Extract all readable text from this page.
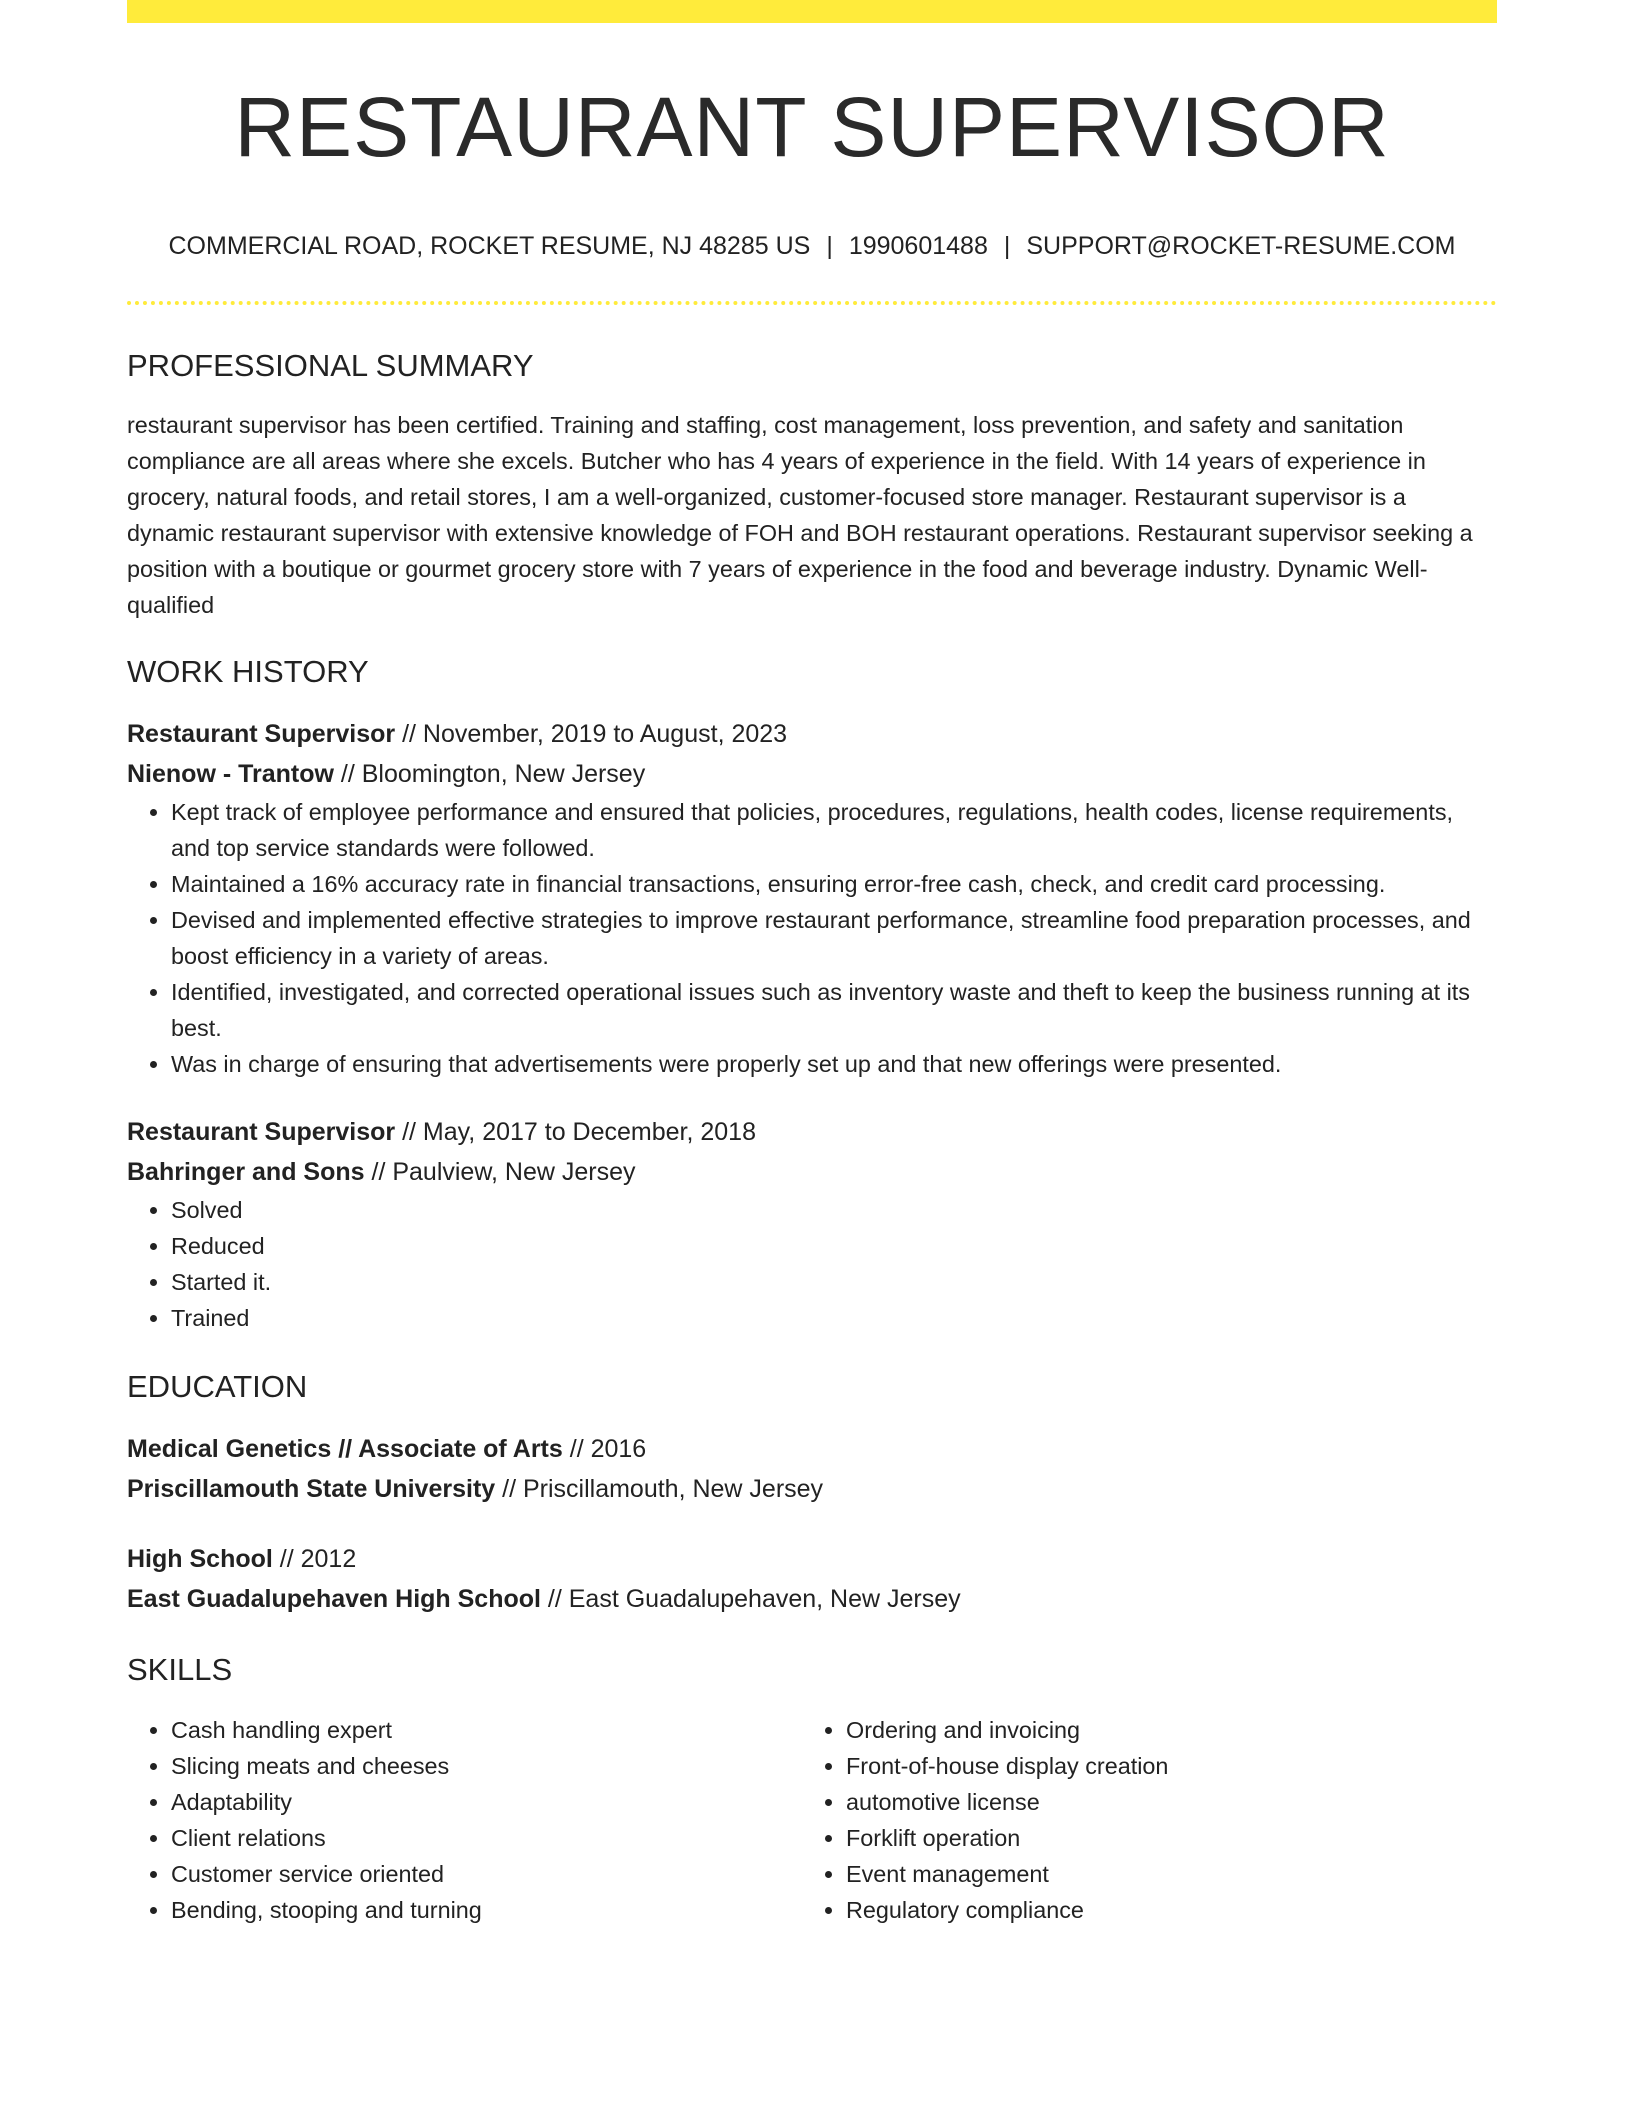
RESTAURANT SUPERVISOR
COMMERCIAL ROAD, ROCKET RESUME, NJ 48285 US | 1990601488 | SUPPORT@ROCKET-RESUME.COM
PROFESSIONAL SUMMARY
restaurant supervisor has been certified. Training and staffing, cost management, loss prevention, and safety and sanitation compliance are all areas where she excels. Butcher who has 4 years of experience in the field. With 14 years of experience in grocery, natural foods, and retail stores, I am a well-organized, customer-focused store manager. Restaurant supervisor is a dynamic restaurant supervisor with extensive knowledge of FOH and BOH restaurant operations. Restaurant supervisor seeking a position with a boutique or gourmet grocery store with 7 years of experience in the food and beverage industry. Dynamic Well-qualified
WORK HISTORY
Restaurant Supervisor // November, 2019 to August, 2023
Nienow - Trantow // Bloomington, New Jersey
• Kept track of employee performance and ensured that policies, procedures, regulations, health codes, license requirements, and top service standards were followed.
• Maintained a 16% accuracy rate in financial transactions, ensuring error-free cash, check, and credit card processing.
• Devised and implemented effective strategies to improve restaurant performance, streamline food preparation processes, and boost efficiency in a variety of areas.
• Identified, investigated, and corrected operational issues such as inventory waste and theft to keep the business running at its best.
• Was in charge of ensuring that advertisements were properly set up and that new offerings were presented.
Restaurant Supervisor // May, 2017 to December, 2018
Bahringer and Sons // Paulview, New Jersey
• Solved
• Reduced
• Started it.
• Trained
EDUCATION
Medical Genetics // Associate of Arts // 2016
Priscillamouth State University // Priscillamouth, New Jersey
High School // 2012
East Guadalupehaven High School // East Guadalupehaven, New Jersey
SKILLS
• Cash handling expert
• Slicing meats and cheeses
• Adaptability
• Client relations
• Customer service oriented
• Bending, stooping and turning
• Ordering and invoicing
• Front-of-house display creation
• automotive license
• Forklift operation
• Event management
• Regulatory compliance
